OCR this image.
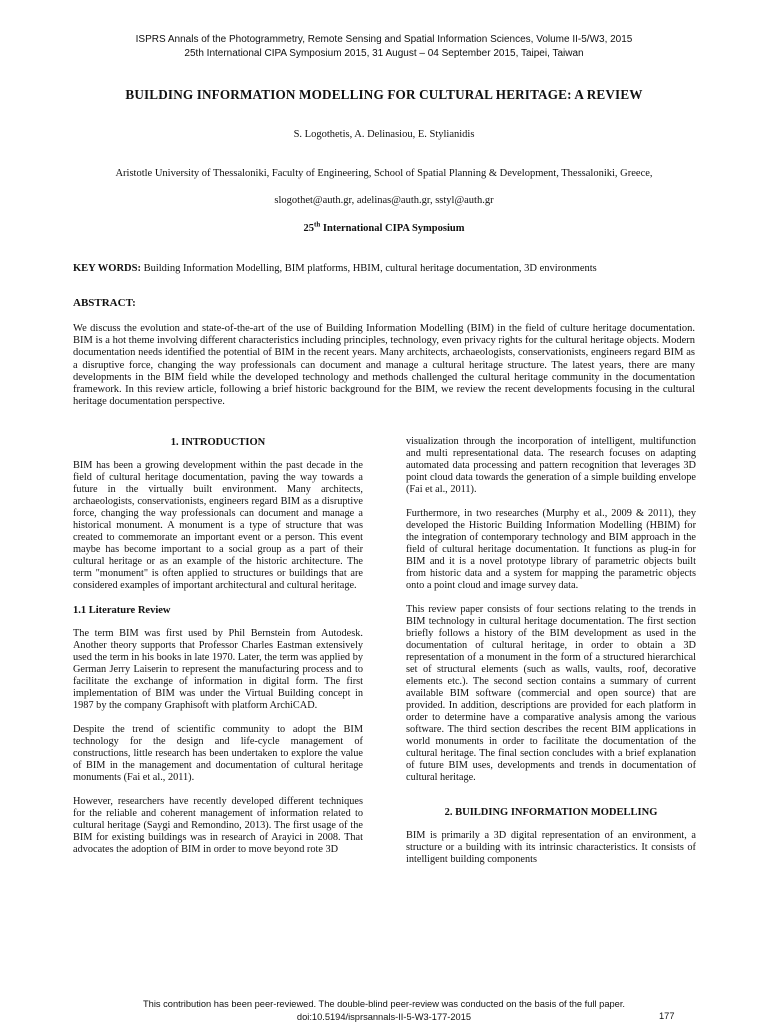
ISPRS Annals of the Photogrammetry, Remote Sensing and Spatial Information Sciences, Volume II-5/W3, 2015
25th International CIPA Symposium 2015, 31 August – 04 September 2015, Taipei, Taiwan
BUILDING INFORMATION MODELLING FOR CULTURAL HERITAGE: A REVIEW
S. Logothetis, A. Delinasiou, E. Stylianidis
Aristotle University of Thessaloniki, Faculty of Engineering, School of Spatial Planning & Development, Thessaloniki, Greece,
slogothet@auth.gr, adelinas@auth.gr, sstyl@auth.gr
25th International CIPA Symposium
KEY WORDS: Building Information Modelling, BIM platforms, HBIM, cultural heritage documentation, 3D environments
ABSTRACT:
We discuss the evolution and state-of-the-art of the use of Building Information Modelling (BIM) in the field of culture heritage documentation. BIM is a hot theme involving different characteristics including principles, technology, even privacy rights for the cultural heritage objects. Modern documentation needs identified the potential of BIM in the recent years. Many architects, archaeologists, conservationists, engineers regard BIM as a disruptive force, changing the way professionals can document and manage a cultural heritage structure. The latest years, there are many developments in the BIM field while the developed technology and methods challenged the cultural heritage community in the documentation framework. In this review article, following a brief historic background for the BIM, we review the recent developments focusing in the cultural heritage documentation perspective.
1. INTRODUCTION

BIM has been a growing development within the past decade in the field of cultural heritage documentation, paving the way towards a future in the virtually built environment. Many architects, archaeologists, conservationists, engineers regard BIM as a disruptive force, changing the way professionals can document and manage a historical monument. A monument is a type of structure that was created to commemorate an important event or a person. This event maybe has become important to a social group as a part of their cultural heritage or as an example of the historic architecture. The term "monument" is often applied to structures or buildings that are considered examples of important architectural and cultural heritage.

1.1 Literature Review

The term BIM was first used by Phil Bernstein from Autodesk. Another theory supports that Professor Charles Eastman extensively used the term in his books in late 1970. Later, the term was applied by German Jerry Laiserin to represent the manufacturing process and to facilitate the exchange of information in digital form. The first implementation of BIM was under the Virtual Building concept in 1987 by the company Graphisoft with platform ArchiCAD.

Despite the trend of scientific community to adopt the BIM technology for the design and life-cycle management of constructions, little research has been undertaken to explore the value of BIM in the management and documentation of cultural heritage monuments (Fai et al., 2011).

However, researchers have recently developed different techniques for the reliable and coherent management of information related to cultural heritage (Saygi and Remondino, 2013). The first usage of the BIM for existing buildings was in research of Arayici in 2008. That advocates the adoption of BIM in order to move beyond rote 3D

visualization through the incorporation of intelligent, multifunction and multi representational data. The research focuses on adapting automated data processing and pattern recognition that leverages 3D point cloud data towards the generation of a simple building envelope (Fai et al., 2011).

Furthermore, in two researches (Murphy et al., 2009 & 2011), they developed the Historic Building Information Modelling (HBIM) for the integration of contemporary technology and BIM approach in the field of cultural heritage documentation. It functions as plug-in for BIM and it is a novel prototype library of parametric objects built from historic data and a system for mapping the parametric objects onto a point cloud and image survey data.

This review paper consists of four sections relating to the trends in BIM technology in cultural heritage documentation. The first section briefly follows a history of the BIM development as used in the documentation of cultural heritage, in order to obtain a 3D representation of a monument in the form of a structured hierarchical set of structural elements (such as walls, vaults, roof, decorative elements etc.). The second section contains a summary of current available BIM software (commercial and open source) that are provided. In addition, descriptions are provided for each platform in order to determine have a comparative analysis among the various software. The third section describes the recent BIM applications in world monuments in order to facilitate the documentation of the cultural heritage. The final section concludes with a brief explanation of future BIM uses, developments and trends in documentation of cultural heritage.

2. BUILDING INFORMATION MODELLING

BIM is primarily a 3D digital representation of an environment, a structure or a building with its intrinsic characteristics. It consists of intelligent building components

This contribution has been peer-reviewed. The double-blind peer-review was conducted on the basis of the full paper.
doi:10.5194/isprsannals-II-5-W3-177-2015	177
